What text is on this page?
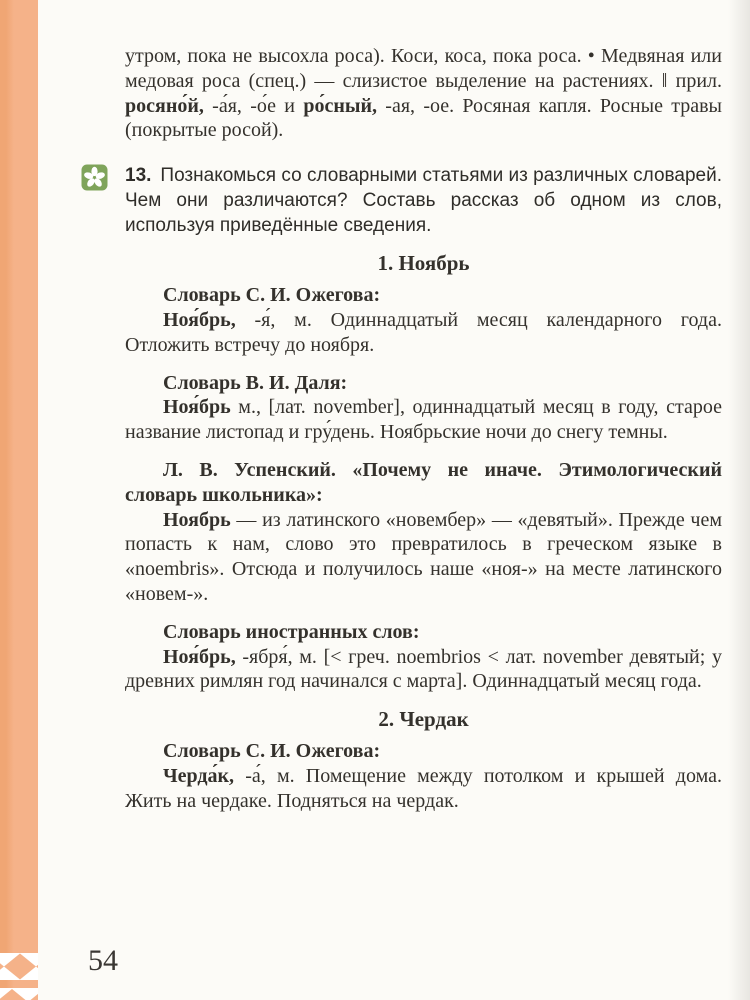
утром, пока не высохла роса). Коси, коса, пока роса. • Медвяная или медовая роса (спец.) — слизистое выделение на растениях. ‖ прил. росяно́й, -а́я, -о́е и ро́сный, -ая, -ое. Росяная капля. Росные травы (покрытые росой).

13. Познакомься со словарными статьями из различных словарей. Чем они различаются? Составь рассказ об одном из слов, используя приведённые сведения.

1. Ноябрь

Словарь С. И. Ожегова:

Ноя́брь, -я́, м. Одиннадцатый месяц календарного года. Отложить встречу до ноября.

Словарь В. И. Даля:

Ноя́брь м., [лат. november], одиннадцатый месяц в году, старое название листопад и гру́день. Ноябрьские ночи до снегу темны.

Л. В. Успенский. «Почему не иначе. Этимологический словарь школьника»:

Ноябрь — из латинского «новембер» — «девятый». Прежде чем попасть к нам, слово это превратилось в греческом языке в «noembris». Отсюда и получилось наше «ноя-» на месте латинского «новем-».

Словарь иностранных слов:

Ноя́брь, -ября́, м. [< греч. noembrios < лат. november девятый; у древних римлян год начинался с марта]. Одиннадцатый месяц года.

2. Чердак

Словарь С. И. Ожегова:

Черда́к, -а́, м. Помещение между потолком и крышей дома. Жить на чердаке. Подняться на чердак.

54
